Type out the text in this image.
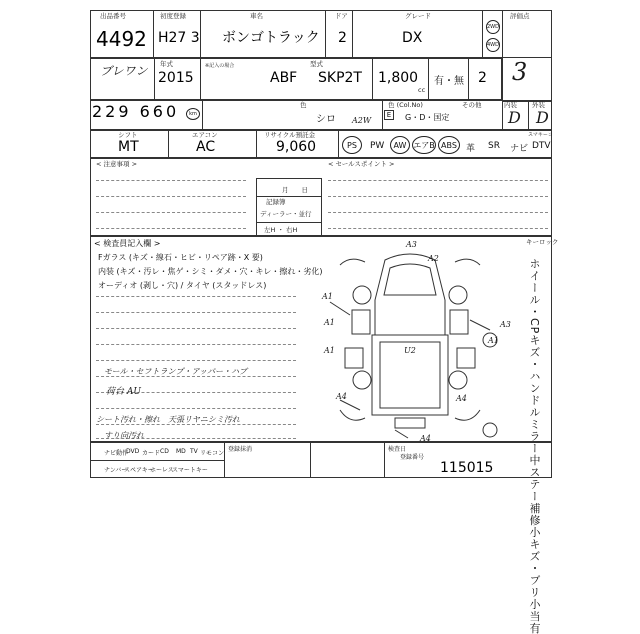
出品番号
4492
初度登録
H27 3
車名
ボンゴトラック
ドア
2
グレード
DX
2WD
4WD
評価点
3
ブレワン 年式
2015
※記入の場合	型式
ABF SKP2T 1,800
cc
有・無 2
229 660	km
色
シロ A2W
色 (Col.No)
G・D・国定
E
その他	内装
D
外装
D
シフト
MT
エアコン
AC
リサイクル預託金
9,060
スマキーコ
PS	PW	AW エアB ABS	革 SR ナビ DTV
< 注意事項 >	< セールスポイント >
月　　日
記録簿
ディーラー・並行
左H ・ 右H
< 検査員記入欄 >	キーロック
Fガラス (キズ・線石・ヒビ・リペア跡・X 要)
内装 (キズ・汚レ・焦ゲ・シミ・ダメ・穴・キレ・擦れ・劣化)
オーディオ (剥し・穴) / タイヤ (スタッドレス)
モール・セフトランプ・アッパー・ハブ
荷台 AU
シート汚れ・擦れ　天張リヤニシミ汚れ
すり向汚れ
A3
A2
A1
A1	A3
A1
A1	U2
A4	A4
A4	ホイール・CPキズ・ハンドルミラー中ステー補修小キズ・ブリ小当有
ナビ動作
DVD カード CD MD TV リモコン
ナンバー
スペアキー
ホーレス
スマートキー
登録抹消	検査日
登録番号
115015
